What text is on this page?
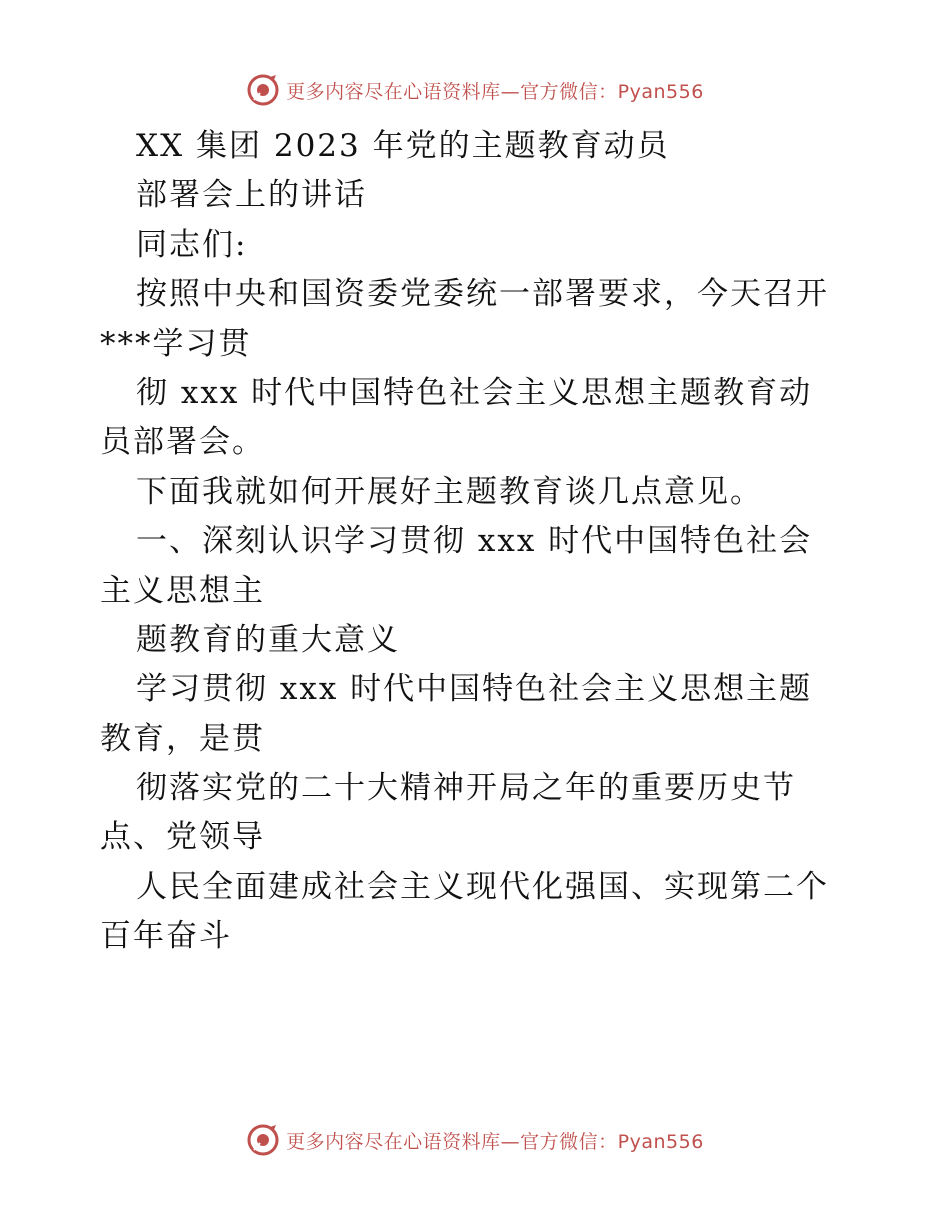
更多内容尽在心语资料库—官方微信：Pyan556
XX 集团 2023 年党的主题教育动员
部署会上的讲话
同志们:
按照中央和国资委党委统一部署要求，今天召开
***学习贯
彻 xxx 时代中国特色社会主义思想主题教育动
员部署会。
下面我就如何开展好主题教育谈几点意见。
一、深刻认识学习贯彻 xxx 时代中国特色社会
主义思想主
题教育的重大意义
学习贯彻 xxx 时代中国特色社会主义思想主题
教育，是贯
彻落实党的二十大精神开局之年的重要历史节
点、党领导
人民全面建成社会主义现代化强国、实现第二个
百年奋斗
更多内容尽在心语资料库—官方微信：Pyan556
